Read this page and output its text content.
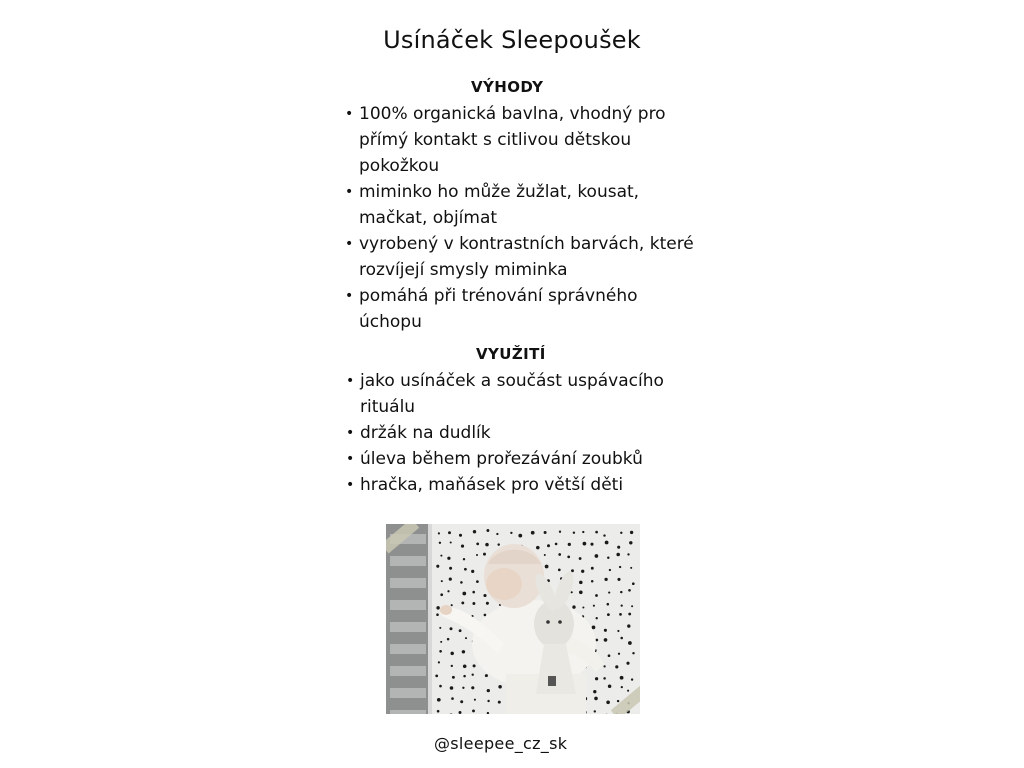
Usínáček Sleepoušek
VÝHODY
• 100% organická bavlna, vhodný pro přímý kontakt s citlivou dětskou pokožkou
• miminko ho může žužlat, kousat, mačkat, objímat
• vyrobený v kontrastních barvách, které rozvíjejí smysly miminka
• pomáhá při trénování správného úchopu
VYUŽITÍ
• jako usínáček a součást uspávacího rituálu
• držák na dudlík
• úleva během prořezávání zoubků
• hračka, maňásek pro větší děti
@sleepee_cz_sk
